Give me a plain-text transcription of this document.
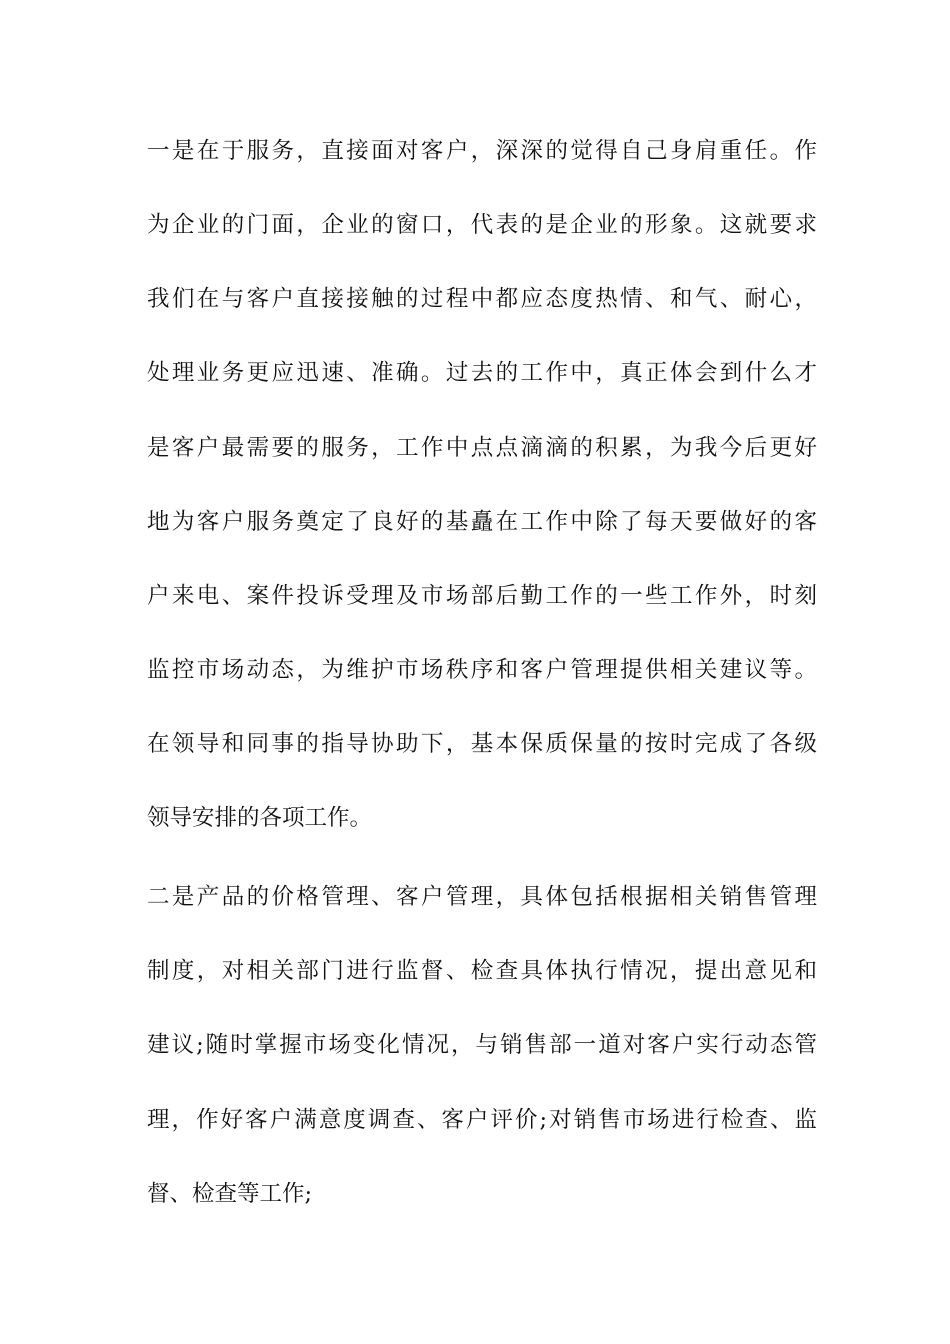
一是在于服务，直接面对客户，深深的觉得自己身肩重任。作
为企业的门面，企业的窗口，代表的是企业的形象。这就要求
我们在与客户直接接触的过程中都应态度热情、和气、耐心，
处理业务更应迅速、准确。过去的工作中，真正体会到什么才
是客户最需要的服务，工作中点点滴滴的积累，为我今后更好
地为客户服务奠定了良好的基矗在工作中除了每天要做好的客
户来电、案件投诉受理及市场部后勤工作的一些工作外，时刻
监控市场动态，为维护市场秩序和客户管理提供相关建议等。
在领导和同事的指导协助下，基本保质保量的按时完成了各级
领导安排的各项工作。
二是产品的价格管理、客户管理，具体包括根据相关销售管理
制度，对相关部门进行监督、检查具体执行情况，提出意见和
建议;随时掌握市场变化情况，与销售部一道对客户实行动态管
理，作好客户满意度调查、客户评价;对销售市场进行检查、监
督、检查等工作;
